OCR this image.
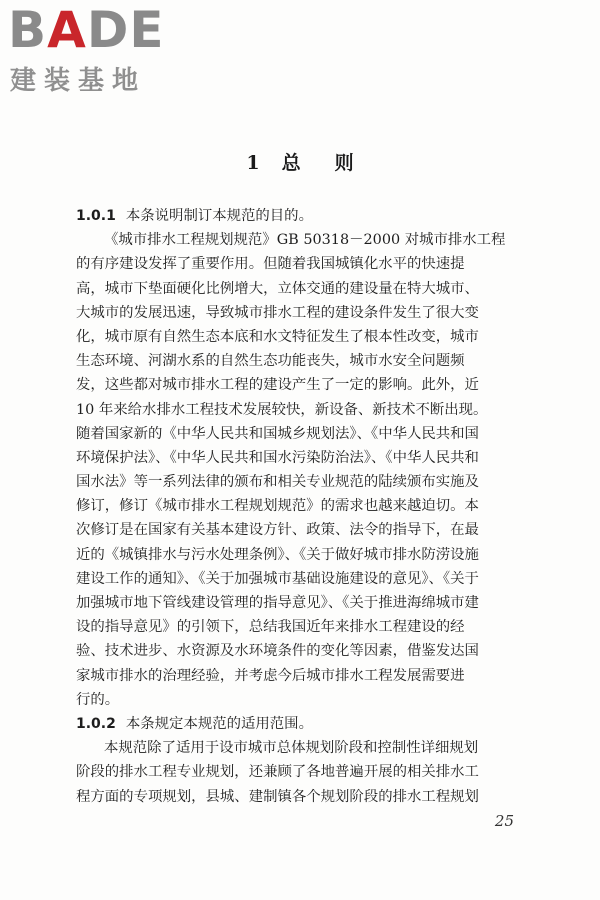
BADE
建装基地
1 总 则
1.0.1 本条说明制订本规范的目的。
《城市排水工程规划规范》GB 50318－2000 对城市排水工程
的有序建设发挥了重要作用。但随着我国城镇化水平的快速提
高，城市下垫面硬化比例增大，立体交通的建设量在特大城市、
大城市的发展迅速，导致城市排水工程的建设条件发生了很大变
化，城市原有自然生态本底和水文特征发生了根本性改变，城市
生态环境、河湖水系的自然生态功能丧失，城市水安全问题频
发，这些都对城市排水工程的建设产生了一定的影响。此外，近
10 年来给水排水工程技术发展较快，新设备、新技术不断出现。
随着国家新的《中华人民共和国城乡规划法》、《中华人民共和国
环境保护法》、《中华人民共和国水污染防治法》、《中华人民共和
国水法》等一系列法律的颁布和相关专业规范的陆续颁布实施及
修订，修订《城市排水工程规划规范》的需求也越来越迫切。本
次修订是在国家有关基本建设方针、政策、法令的指导下，在最
近的《城镇排水与污水处理条例》、《关于做好城市排水防涝设施
建设工作的通知》、《关于加强城市基础设施建设的意见》、《关于
加强城市地下管线建设管理的指导意见》、《关于推进海绵城市建
设的指导意见》的引领下，总结我国近年来排水工程建设的经
验、技术进步、水资源及水环境条件的变化等因素，借鉴发达国
家城市排水的治理经验，并考虑今后城市排水工程发展需要进
行的。
1.0.2 本条规定本规范的适用范围。
本规范除了适用于设市城市总体规划阶段和控制性详细规划
阶段的排水工程专业规划，还兼顾了各地普遍开展的相关排水工
程方面的专项规划，县城、建制镇各个规划阶段的排水工程规划
25
